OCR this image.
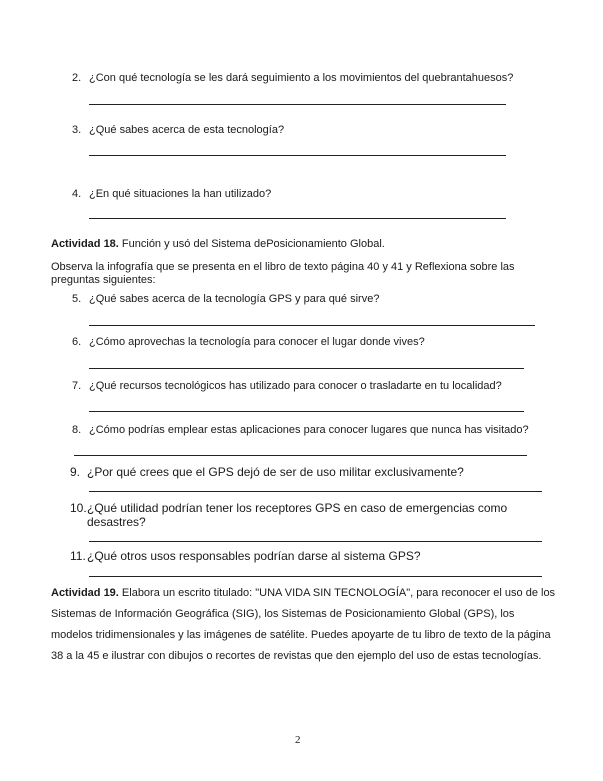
2. ¿Con qué tecnología se les dará seguimiento a los movimientos del quebrantahuesos?
3. ¿Qué sabes acerca de esta tecnología?
4. ¿En qué situaciones la han utilizado?
Actividad 18. Función y usó del Sistema dePosicionamiento Global.
Observa la infografía que se presenta en el libro de texto página 40 y 41 y Reflexiona sobre las preguntas siguientes:
5. ¿Qué sabes acerca de la tecnología GPS y para qué sirve?
6. ¿Cómo aprovechas la tecnología para conocer el lugar donde vives?
7. ¿Qué recursos tecnológicos has utilizado para conocer o trasladarte en tu localidad?
8. ¿Cómo podrías emplear estas aplicaciones para conocer lugares que nunca has visitado?
9. ¿Por qué crees que el GPS dejó de ser de uso militar exclusivamente?
10. ¿Qué utilidad podrían tener los receptores GPS en caso de emergencias como desastres?
11. ¿Qué otros usos responsables podrían darse al sistema GPS?
Actividad 19. Elabora un escrito titulado: "UNA VIDA SIN TECNOLOGÍA", para reconocer el uso de los Sistemas de Información Geográfica (SIG), los Sistemas de Posicionamiento Global (GPS), los modelos tridimensionales y las imágenes de satélite. Puedes apoyarte de tu libro de texto de la página 38 a la 45 e ilustrar con dibujos o recortes de revistas que den ejemplo del uso de estas tecnologías.
2
